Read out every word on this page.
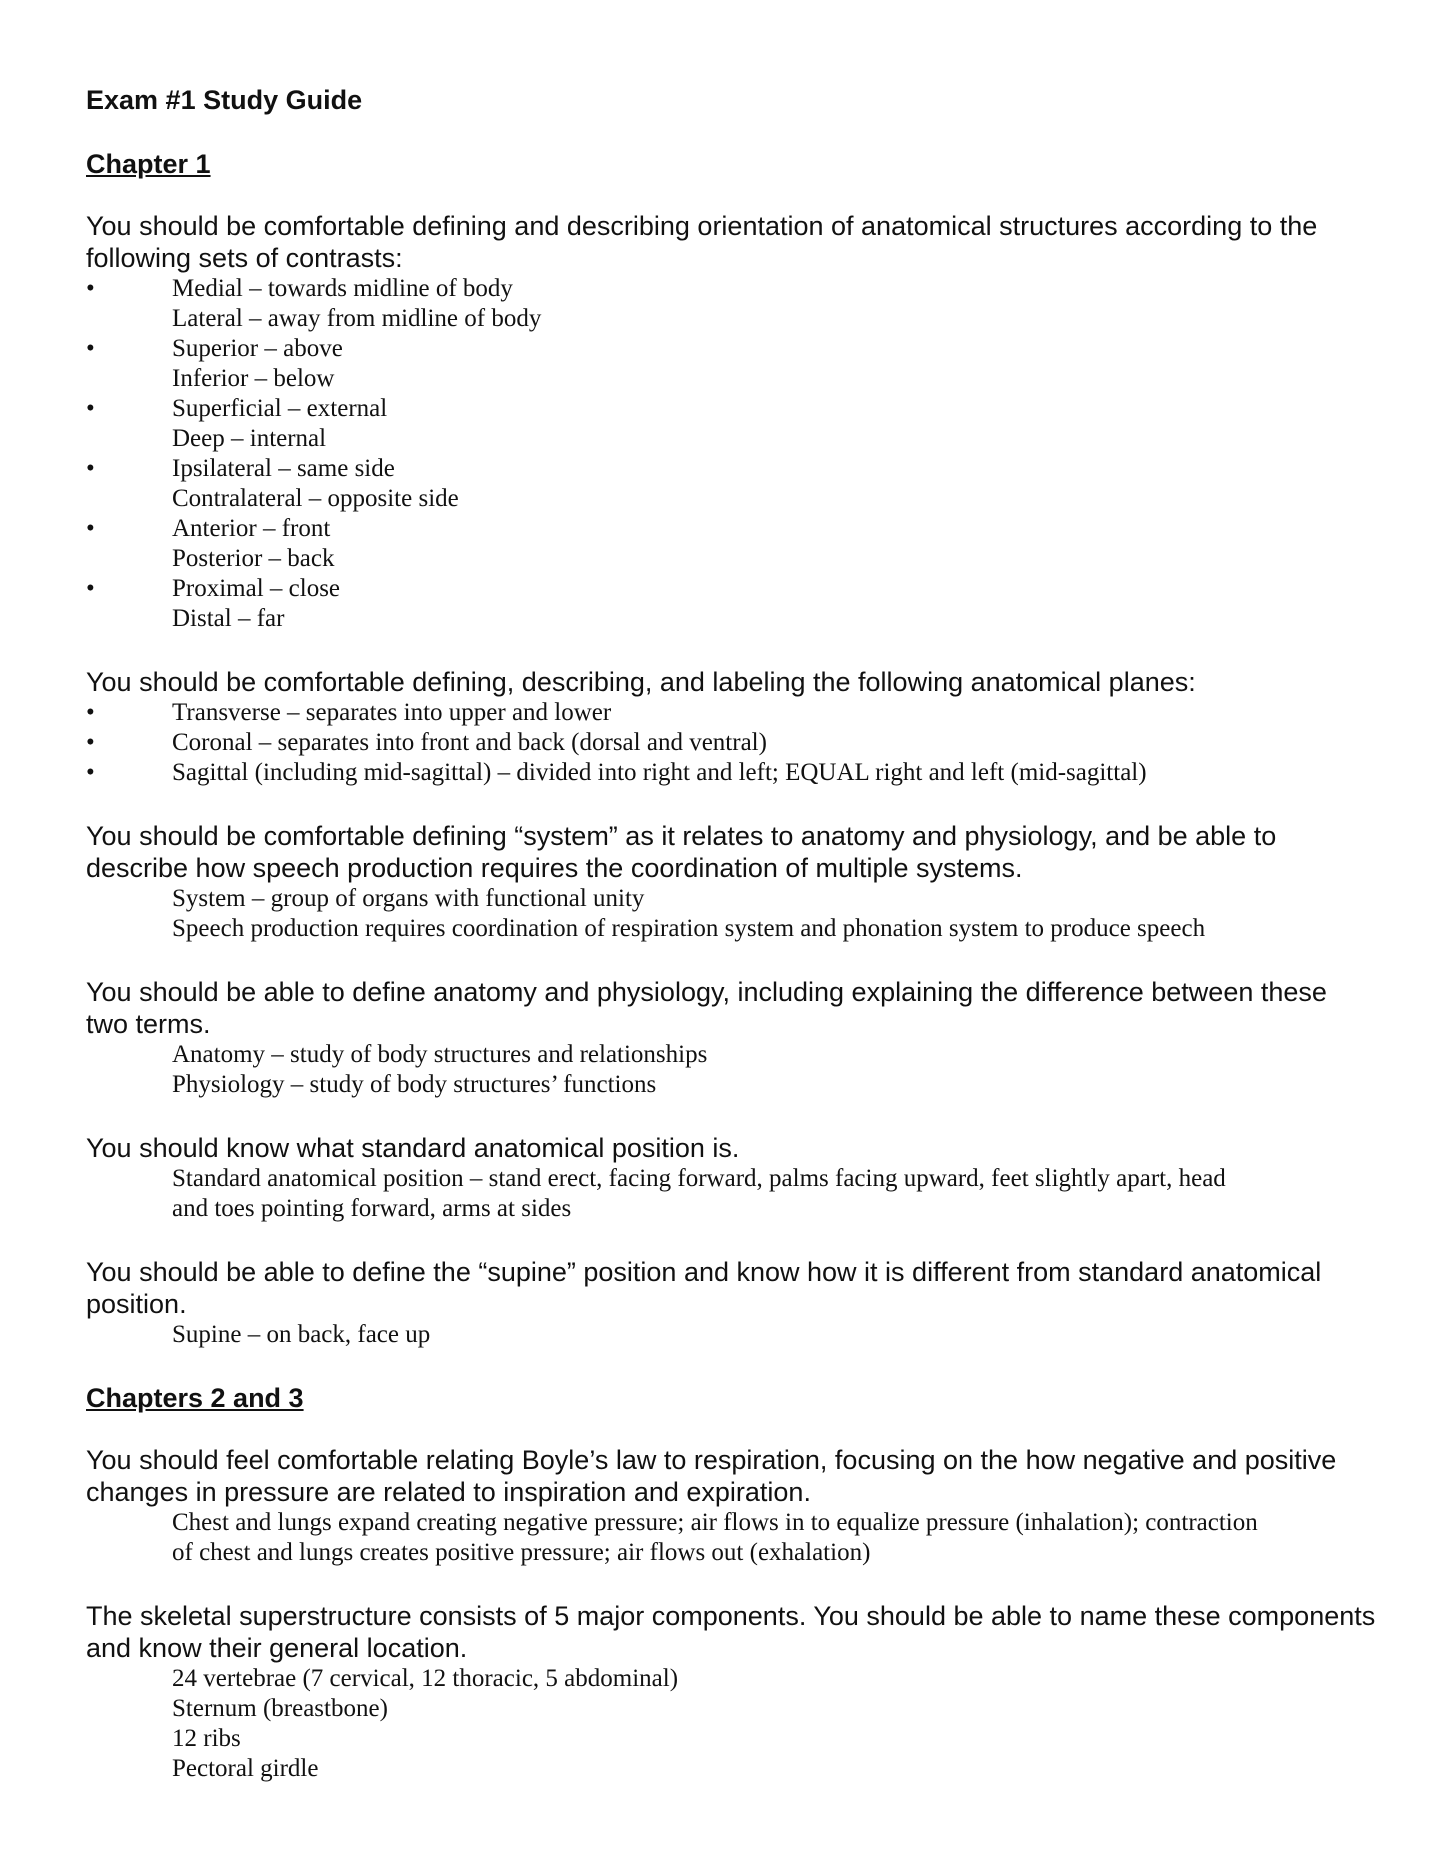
Exam #1 Study Guide
Chapter 1

You should be comfortable defining and describing orientation of anatomical structures according to the following sets of contrasts:

•	Medial – towards midline of body
Lateral – away from midline of body
•	Superior – above
Inferior – below
•	Superficial – external
Deep – internal
•	Ipsilateral – same side
Contralateral – opposite side
•	Anterior – front
Posterior – back
•	Proximal – close
Distal – far

You should be comfortable defining, describing, and labeling the following anatomical planes:

•	Transverse – separates into upper and lower
•	Coronal – separates into front and back (dorsal and ventral)
•	Sagittal (including mid-sagittal) – divided into right and left; EQUAL right and left (mid-sagittal)

You should be comfortable defining “system” as it relates to anatomy and physiology, and be able to describe how speech production requires the coordination of multiple systems.

System – group of organs with functional unity
Speech production requires coordination of respiration system and phonation system to produce speech

You should be able to define anatomy and physiology, including explaining the difference between these two terms.

Anatomy – study of body structures and relationships
Physiology – study of body structures’ functions

You should know what standard anatomical position is.

Standard anatomical position – stand erect, facing forward, palms facing upward, feet slightly apart, head and toes pointing forward, arms at sides

You should be able to define the “supine” position and know how it is different from standard anatomical position.

Supine – on back, face up
Chapters 2 and 3

You should feel comfortable relating Boyle’s law to respiration, focusing on the how negative and positive changes in pressure are related to inspiration and expiration.

Chest and lungs expand creating negative pressure; air flows in to equalize pressure (inhalation); contraction of chest and lungs creates positive pressure; air flows out (exhalation)

The skeletal superstructure consists of 5 major components. You should be able to name these components and know their general location.

24 vertebrae (7 cervical, 12 thoracic, 5 abdominal)
Sternum (breastbone)
12 ribs
Pectoral girdle
